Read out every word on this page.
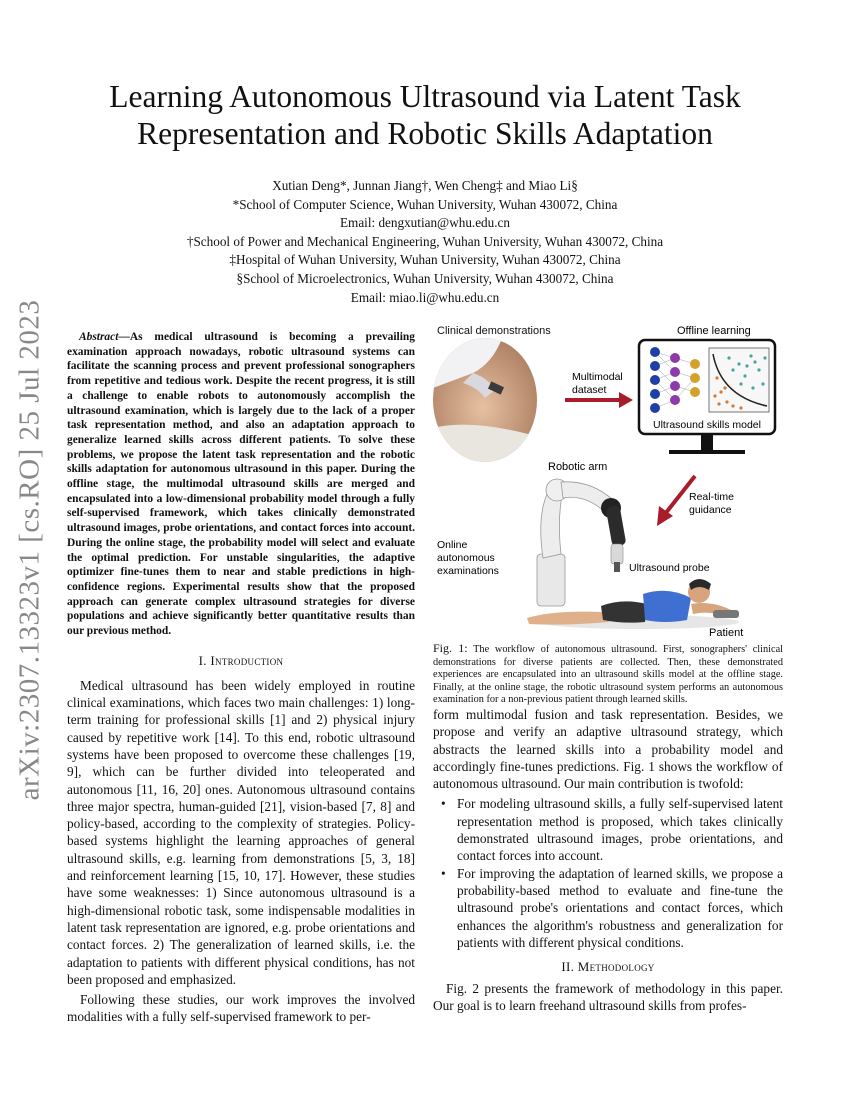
arXiv:2307.13323v1 [cs.RO] 25 Jul 2023
Learning Autonomous Ultrasound via Latent Task
Representation and Robotic Skills Adaptation
Xutian Deng*, Junnan Jiang†, Wen Cheng‡ and Miao Li§
*School of Computer Science, Wuhan University, Wuhan 430072, China
Email: dengxutian@whu.edu.cn
†School of Power and Mechanical Engineering, Wuhan University, Wuhan 430072, China
‡Hospital of Wuhan University, Wuhan University, Wuhan 430072, China
§School of Microelectronics, Wuhan University, Wuhan 430072, China
Email: miao.li@whu.edu.cn

Abstract—As medical ultrasound is becoming a prevailing examination approach nowadays, robotic ultrasound systems can facilitate the scanning process and prevent professional sonographers from repetitive and tedious work. Despite the recent progress, it is still a challenge to enable robots to autonomously accomplish the ultrasound examination, which is largely due to the lack of a proper task representation method, and also an adaptation approach to generalize learned skills across different patients. To solve these problems, we propose the latent task representation and the robotic skills adaptation for autonomous ultrasound in this paper. During the offline stage, the multimodal ultrasound skills are merged and encapsulated into a low-dimensional probability model through a fully self-supervised framework, which takes clinically demonstrated ultrasound images, probe orientations, and contact forces into account. During the online stage, the probability model will select and evaluate the optimal prediction. For unstable singularities, the adaptive optimizer fine-tunes them to near and stable predictions in high-confidence regions. Experimental results show that the proposed approach can generate complex ultrasound strategies for diverse populations and achieve significantly better quantitative results than our previous method.

I. Introduction

Medical ultrasound has been widely employed in routine clinical examinations, which faces two main challenges: 1) long-term training for professional skills [1] and 2) physical injury caused by repetitive work [14]. To this end, robotic ultrasound systems have been proposed to overcome these challenges [19, 9], which can be further divided into teleoperated and autonomous [11, 16, 20] ones. Autonomous ultrasound contains three major spectra, human-guided [21], vision-based [7, 8] and policy-based, according to the complexity of strategies. Policy-based systems highlight the learning approaches of general ultrasound skills, e.g. learning from demonstrations [5, 3, 18] and reinforcement learning [15, 10, 17]. However, these studies have some weaknesses: 1) Since autonomous ultrasound is a high-dimensional robotic task, some indispensable modalities in latent task representation are ignored, e.g. probe orientations and contact forces. 2) The generalization of learned skills, i.e. the adaptation to patients with different physical conditions, has not been proposed and emphasized.

Following these studies, our work improves the involved modalities with a fully self-supervised framework to per-

Clinical demonstrations
Multimodal
dataset
Offline learning
Ultrasound skills model
Real-time
guidance
Robotic arm
Online
autonomous
examinations	Ultrasound probe
Patient

Fig. 1: The workflow of autonomous ultrasound. First, sonographers' clinical demonstrations for diverse patients are collected. Then, these demonstrated experiences are encapsulated into an ultrasound skills model at the offline stage. Finally, at the online stage, the robotic ultrasound system performs an autonomous examination for a non-previous patient through learned skills.

form multimodal fusion and task representation. Besides, we propose and verify an adaptive ultrasound strategy, which abstracts the learned skills into a probability model and accordingly fine-tunes predictions. Fig. 1 shows the workflow of autonomous ultrasound. Our main contribution is twofold:

• For modeling ultrasound skills, a fully self-supervised latent representation method is proposed, which takes clinically demonstrated ultrasound images, probe orientations, and contact forces into account.
• For improving the adaptation of learned skills, we propose a probability-based method to evaluate and fine-tune the ultrasound probe's orientations and contact forces, which enhances the algorithm's robustness and generalization for patients with different physical conditions.

II. Methodology

Fig. 2 presents the framework of methodology in this paper. Our goal is to learn freehand ultrasound skills from profes-
